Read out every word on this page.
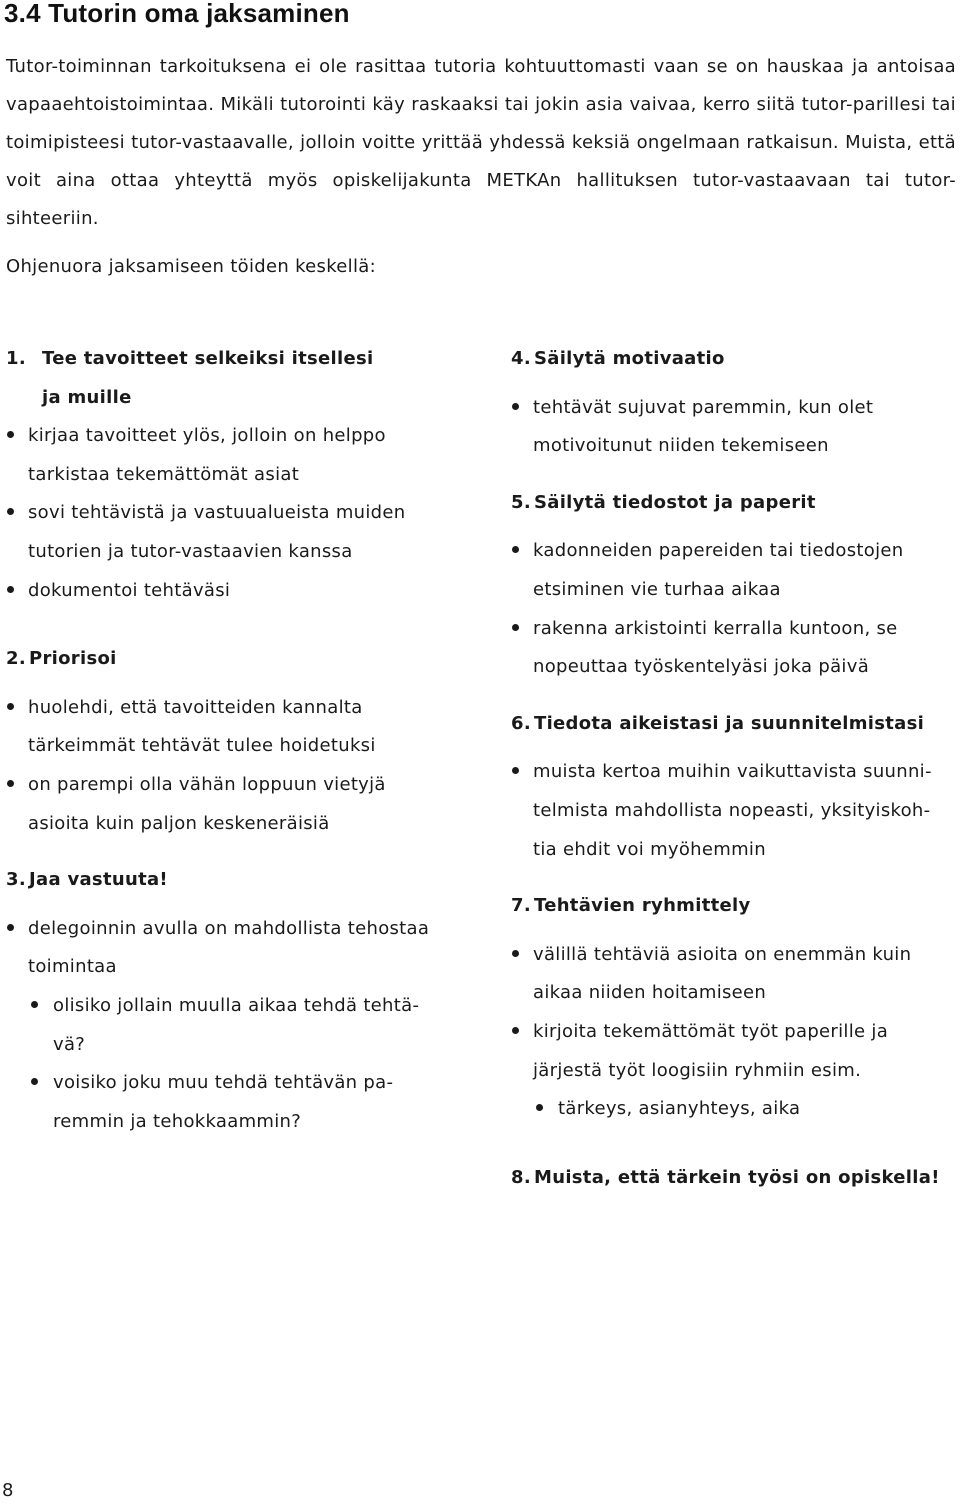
3.4 Tutorin oma jaksaminen

Tutor-toiminnan tarkoituksena ei ole rasittaa tutoria kohtuuttomasti vaan se on hauskaa ja antoisaa vapaaehtoistoimintaa. Mikäli tutorointi käy raskaaksi tai jokin asia vaivaa, kerro siitä tutor-parillesi tai toimipisteesi tutor-vastaavalle, jolloin voitte yrittää yhdessä keksiä ongelmaan ratkaisun. Muista, että voit aina ottaa yhteyttä myös opiskelijakunta METKAn hallituksen tutor-vastaavaan tai tutor-sihteeriin.

Ohjenuora jaksamiseen töiden keskellä:

1. Tee tavoitteet selkeiksi itsellesi ja muille
kirjaa tavoitteet ylös, jolloin on helppo tarkistaa tekemättömät asiat
sovi tehtävistä ja vastuualueista muiden tutorien ja tutor-vastaavien kanssa
dokumentoi tehtäväsi
2. Priorisoi
huolehdi, että tavoitteiden kannalta tärkeimmät tehtävät tulee hoidetuksi
on parempi olla vähän loppuun vietyjä asioita kuin paljon keskeneräisiä
3. Jaa vastuuta!
delegoinnin avulla on mahdollista tehostaa toimintaa
olisiko jollain muulla aikaa tehdä tehtä-vä?
voisiko joku muu tehdä tehtävän pa-remmin ja tehokkaammin?
4. Säilytä motivaatio
tehtävät sujuvat paremmin, kun olet motivoitunut niiden tekemiseen
5. Säilytä tiedostot ja paperit
kadonneiden papereiden tai tiedostojen etsiminen vie turhaa aikaa
rakenna arkistointi kerralla kuntoon, se nopeuttaa työskentelyäsi joka päivä
6. Tiedota aikeistasi ja suunnitelmistasi
muista kertoa muihin vaikuttavista suunni-telmista mahdollista nopeasti, yksityiskoh-tia ehdit voi myöhemmin
7. Tehtävien ryhmittely
välillä tehtäviä asioita on enemmän kuin aikaa niiden hoitamiseen
kirjoita tekemättömät työt paperille ja järjestä työt loogisiin ryhmiin esim.
tärkeys, asianyhteys, aika
8. Muista, että tärkein työsi on opiskella!

8
